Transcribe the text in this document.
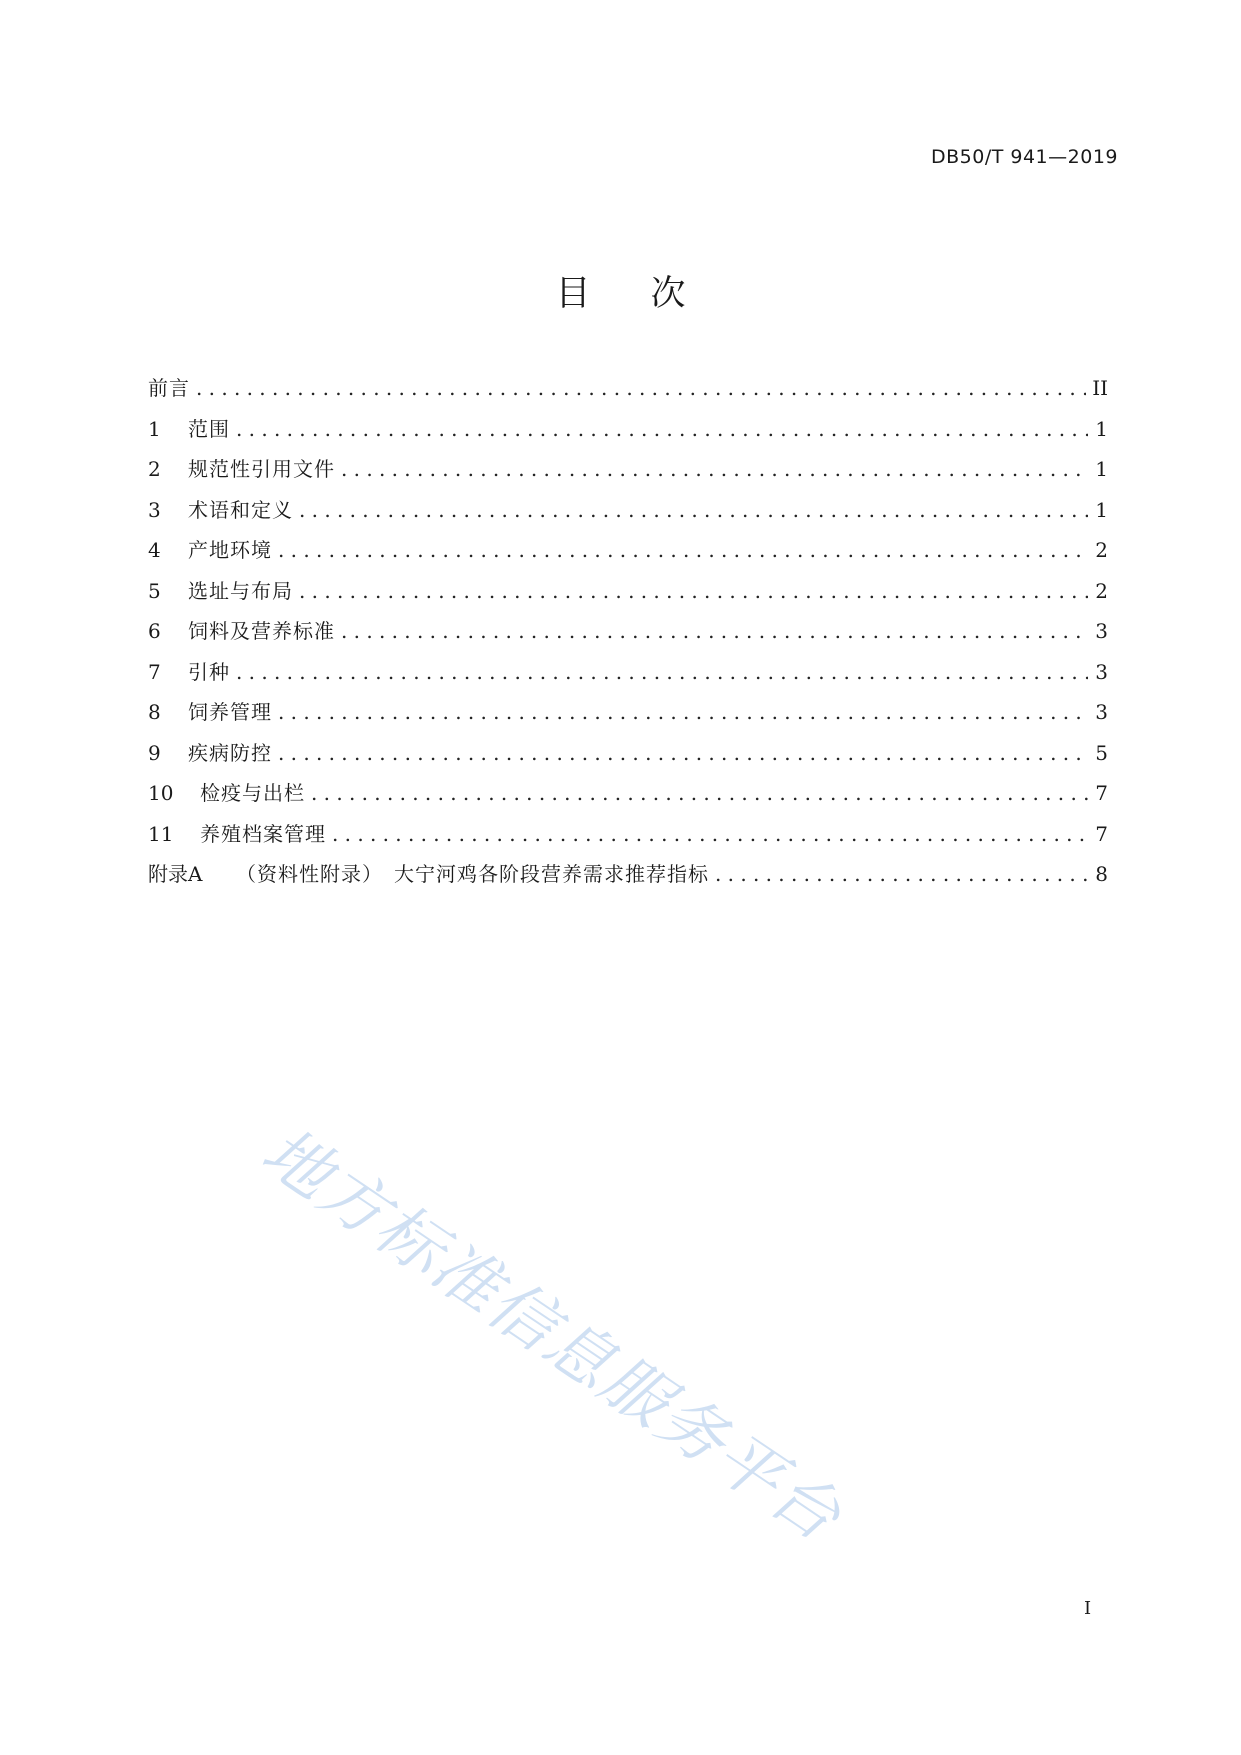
DB50/T 941—2019
目次
前言 .....	II
1	范围 .....	1
2	规范性引用文件 .....	1
3	术语和定义 .....	1
4	产地环境 .....	2
5	选址与布局 .....	2
6	饲料及营养标准 .....	3
7	引种 .....	3
8	饲养管理 .....	3
9	疾病防控 .....	5
10	检疫与出栏 .....	7
11	养殖档案管理 .....	7
附录A	（资料性附录）　大宁河鸡各阶段营养需求推荐指标 .....	8
地方标准信息服务平台
I
